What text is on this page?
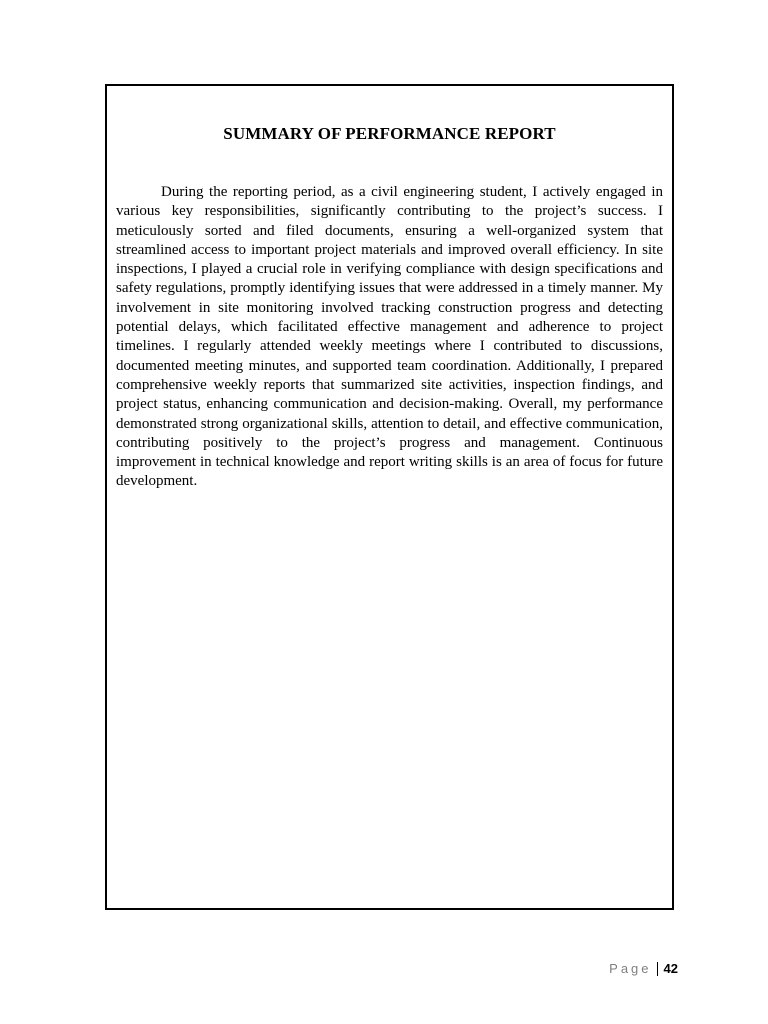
SUMMARY OF PERFORMANCE REPORT

During the reporting period, as a civil engineering student, I actively engaged in various key responsibilities, significantly contributing to the project’s success. I meticulously sorted and filed documents, ensuring a well-organized system that streamlined access to important project materials and improved overall efficiency. In site inspections, I played a crucial role in verifying compliance with design specifications and safety regulations, promptly identifying issues that were addressed in a timely manner. My involvement in site monitoring involved tracking construction progress and detecting potential delays, which facilitated effective management and adherence to project timelines. I regularly attended weekly meetings where I contributed to discussions, documented meeting minutes, and supported team coordination. Additionally, I prepared comprehensive weekly reports that summarized site activities, inspection findings, and project status, enhancing communication and decision-making. Overall, my performance demonstrated strong organizational skills, attention to detail, and effective communication, contributing positively to the project’s progress and management. Continuous improvement in technical knowledge and report writing skills is an area of focus for future development.

Page 42
